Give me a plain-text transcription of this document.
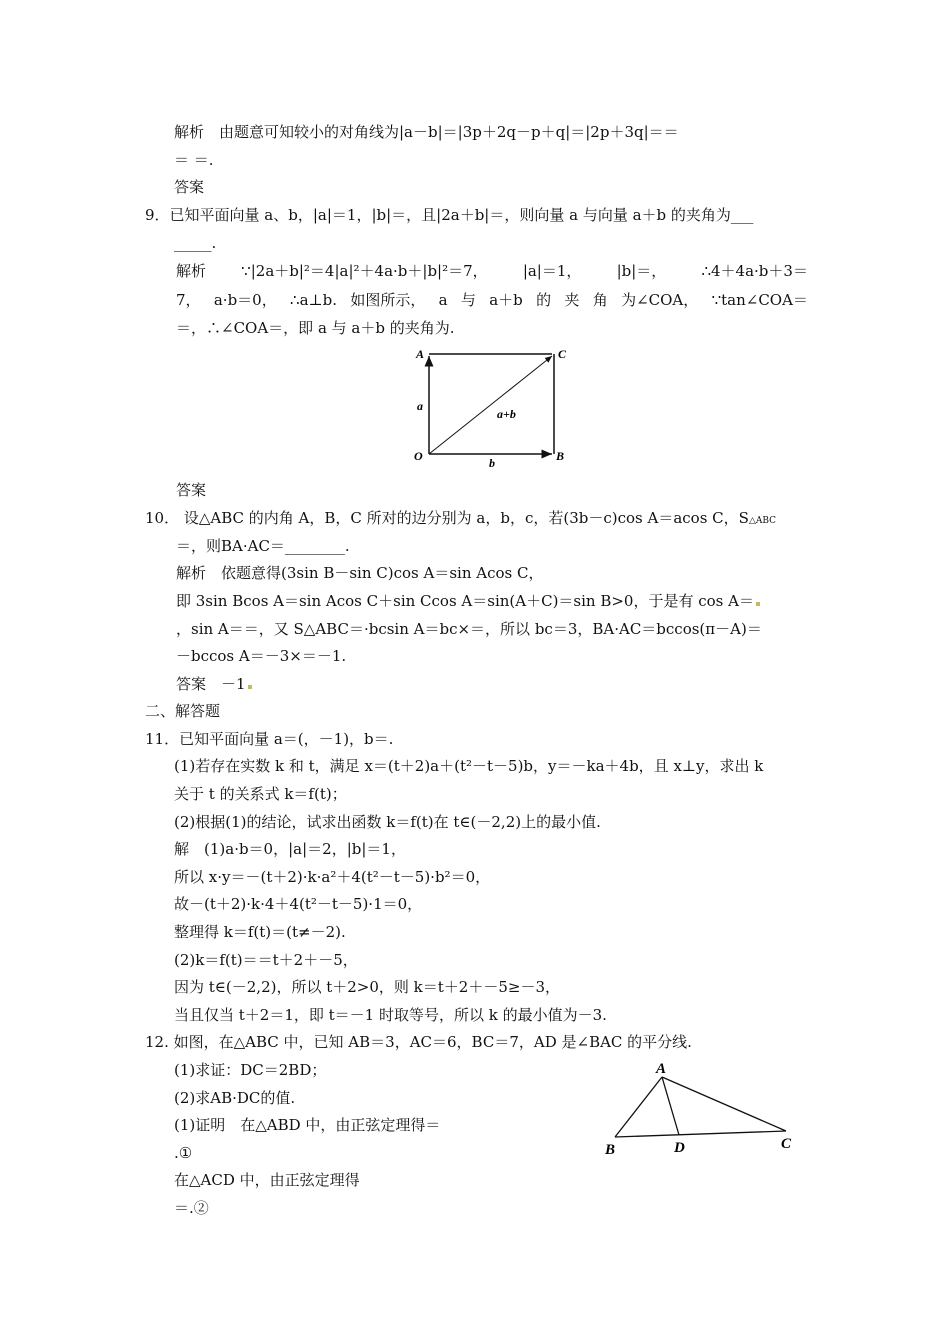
解析　由题意可知较小的对角线为|a－b|＝|3p＋2q－p＋q|＝|2p＋3q|＝＝
＝ ＝.
答案
9．已知平面向量 a、b，|a|＝1，|b|＝，且|2a＋b|＝，则向量 a 与向量 a＋b 的夹角为___
_____.
解析 ∵|2a＋b|²＝4|a|²＋4a·b＋|b|²＝7， |a|＝1， |b|＝， ∴4＋4a·b＋3＝
7， a·b＝0， ∴a⊥b. 如图所示， a 与 a＋b 的 夹 角 为∠COA， ∵tan∠COA＝
＝，∴∠COA＝，即 a 与 a＋b 的夹角为.
A	C
O	B
a
b
a+b
答案
10． 设△ABC 的内角 A，B，C 所对的边分别为 a，b，c，若(3b－c)cos A＝acos C，S△ABC
＝，则BA·AC＝________.
解析　依题意得(3sin B－sin C)cos A＝sin Acos C，
即 3sin Bcos A＝sin Acos C＋sin Ccos A＝sin(A＋C)＝sin B>0，于是有 cos A＝
，sin A＝＝，又 S△ABC＝·bcsin A＝bc×＝，所以 bc＝3，BA·AC＝bccos(π－A)＝
－bccos A＝－3×＝－1.
答案　－1
二、解答题
11．已知平面向量 a＝(，－1)，b＝.
(1)若存在实数 k 和 t，满足 x＝(t＋2)a＋(t²－t－5)b，y＝－ka＋4b，且 x⊥y，求出 k
关于 t 的关系式 k＝f(t)；
(2)根据(1)的结论，试求出函数 k＝f(t)在 t∈(－2,2)上的最小值.
解　(1)a·b＝0，|a|＝2，|b|＝1，
所以 x·y＝－(t＋2)·k·a²＋4(t²－t－5)·b²＝0，
故－(t＋2)·k·4＋4(t²－t－5)·1＝0，
整理得 k＝f(t)＝(t≠－2).
(2)k＝f(t)＝＝t＋2＋－5，
因为 t∈(－2,2)，所以 t＋2>0，则 k＝t＋2＋－5≥－3，
当且仅当 t＋2＝1，即 t＝－1 时取等号，所以 k 的最小值为－3.
12. 如图，在△ABC 中，已知 AB＝3，AC＝6，BC＝7，AD 是∠BAC 的平分线.
(1)求证：DC＝2BD；
(2)求AB·DC的值.
(1)证明　在△ABD 中，由正弦定理得＝
.①
在△ACD 中，由正弦定理得
＝.②
A
B	D	C
